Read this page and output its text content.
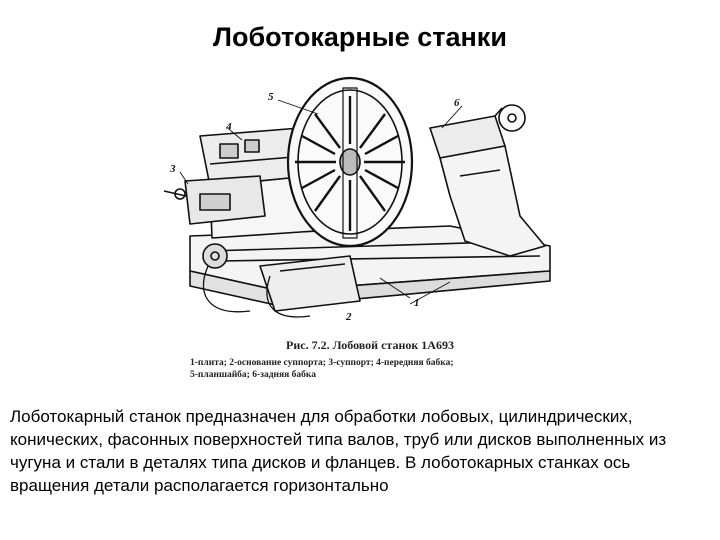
Лоботокарные станки
5	6
4
3
2
1
Рис. 7.2. Лобовой станок 1А693
1-плита; 2-основание суппорта; 3-суппорт; 4-передняя бабка;
5-планшайба; 6-задняя бабка
Лоботокарный станок предназначен для обработки лобовых, цилиндрических, конических, фасонных поверхностей типа валов, труб или дисков выполненных из чугуна и стали в деталях типа дисков и фланцев. В лоботокарных станках ось вращения детали располагается горизонтально
